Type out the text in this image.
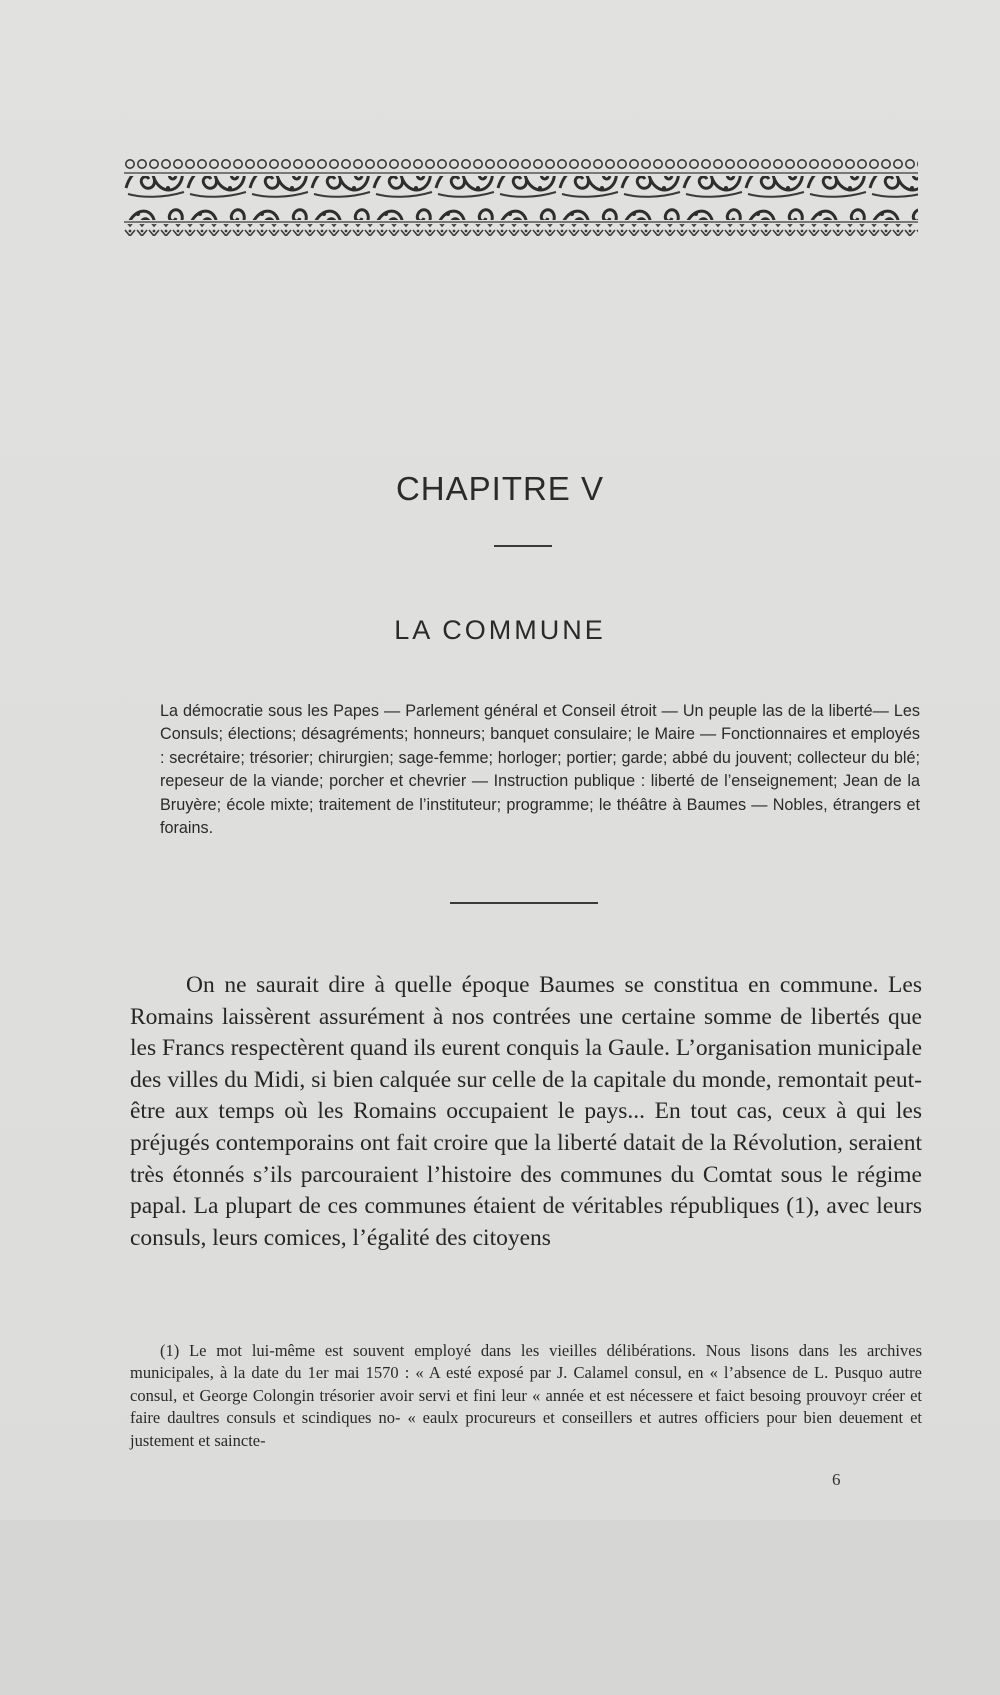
CHAPITRE V
LA COMMUNE

La démocratie sous les Papes — Parlement général et Conseil étroit — Un peuple las de la liberté— Les Consuls; élections; désagréments; honneurs; banquet consulaire; le Maire — Fonctionnaires et employés : secrétaire; trésorier; chirurgien; sage-femme; horloger; portier; garde; abbé du jouvent; collecteur du blé; repeseur de la viande; porcher et chevrier — Instruction publique : liberté de l’enseignement; Jean de la Bruyère; école mixte; traitement de l’instituteur; programme; le théâtre à Baumes — Nobles, étrangers et forains.

On ne saurait dire à quelle époque Baumes se constitua en commune. Les Romains laissèrent assurément à nos contrées une certaine somme de libertés que les Francs respectèrent quand ils eurent conquis la Gaule. L’organisation municipale des villes du Midi, si bien calquée sur celle de la capitale du monde, remontait peut-être aux temps où les Romains occupaient le pays... En tout cas, ceux à qui les préjugés contemporains ont fait croire que la liberté datait de la Révolution, seraient très étonnés s’ils parcouraient l’histoire des communes du Comtat sous le régime papal. La plupart de ces communes étaient de véritables républiques (1), avec leurs consuls, leurs comices, l’égalité des citoyens

(1) Le mot lui-même est souvent employé dans les vieilles délibérations. Nous lisons dans les archives municipales, à la date du 1er mai 1570 : « A esté exposé par J. Calamel consul, en « l’absence de L. Pusquo autre consul, et George Colongin trésorier avoir servi et fini leur « année et est nécessere et faict besoing prouvoyr créer et faire daultres consuls et scindiques no- « eaulx procureurs et conseillers et autres officiers pour bien deuement et justement et saincte-

6
